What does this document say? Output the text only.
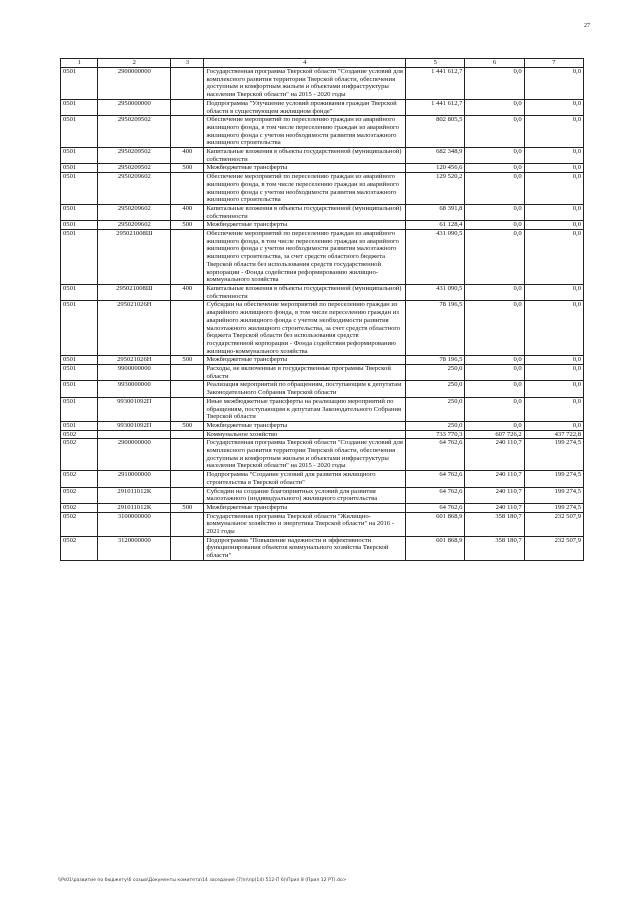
27
1	2	3	4	5	6	7
0501	2900000000		Государственная программа Тверской области "Создание условий для комплексного развития территории Тверской области, обеспечения доступным и комфортным жильем и объектами инфраструктуры населения Тверской области" на 2015 - 2020 годы	1 441 612,7	0,0	0,0
0501	2950000000		Подпрограмма "Улучшение условий проживания граждан Тверской области в существующем жилищном фонде"	1 441 612,7	0,0	0,0
0501	2950209502		Обеспечение мероприятий по переселению граждан из аварийного жилищного фонда, в том числе переселению граждан из аварийного жилищного фонда с учетом необходимости развития малоэтажного жилищного строительства	802 805,5	0,0	0,0
0501	2950209502	400	Капитальные вложения в объекты государственной (муниципальной) собственности	682 348,9	0,0	0,0
0501	2950209502	500	Межбюджетные трансферты	120 456,6	0,0	0,0
0501	2950209602		Обеспечение мероприятий по переселению граждан из аварийного жилищного фонда, в том числе переселению граждан из аварийного жилищного фонда с учетом необходимости развития малоэтажного жилищного строительства	129 520,2	0,0	0,0
0501	2950209602	400	Капитальные вложения в объекты государственной (муниципальной) собственности	68 391,8	0,0	0,0
0501	2950209602	500	Межбюджетные трансферты	61 128,4	0,0	0,0
0501	295021008Ш		Обеспечение мероприятий по переселению граждан из аварийного жилищного фонда, в том числе переселению граждан из аварийного жилищного фонда с учетом необходимости развития малоэтажного жилищного строительства, за счет средств областного бюджета Тверской области без использования средств государственной корпорации - Фонда содействия реформированию жилищно-коммунального хозяйства	431 090,5	0,0	0,0
0501	295021008Ш	400	Капитальные вложения в объекты государственной (муниципальной) собственности	431 090,5	0,0	0,0
0501	295021026Н		Субсидии на обеспечение мероприятий по переселению граждан из аварийного жилищного фонда, в том числе переселению граждан из аварийного жилищного фонда с учетом необходимости развития малоэтажного жилищного строительства, за счет средств областного бюджета Тверской области без использования средств государственной корпорации - Фонда содействия реформированию жилищно-коммунального хозяйства	78 196,5	0,0	0,0
0501	295021026Н	500	Межбюджетные трансферты	78 196,5	0,0	0,0
0501	9900000000		Расходы, не включенные в государственные программы Тверской области	250,0	0,0	0,0
0501	9930000000		Реализация мероприятий по обращениям, поступающим к депутатам Законодательного Собрания Тверской области	250,0	0,0	0,0
0501	993001092П		Иные межбюджетные трансферты на реализацию мероприятий по обращениям, поступающим к депутатам Законодательного Собрания Тверской области	250,0	0,0	0,0
0501	993001092П	500	Межбюджетные трансферты	250,0	0,0	0,0
0502			Коммунальное хозяйство	733 770,3	607 726,2	437 722,8
0502	2900000000		Государственная программа Тверской области "Создание условий для комплексного развития территории Тверской области, обеспечения доступным и комфортным жильем и объектами инфраструктуры населения Тверской области" на 2015 - 2020 годы	64 762,6	240 110,7	199 274,5
0502	2910000000		Подпрограмма "Создание условий для развития жилищного строительства в Тверской области"	64 762,6	240 110,7	199 274,5
0502	291011012К		Субсидии на создание благоприятных условий для развития малоэтажного (индивидуального) жилищного строительства	64 762,6	240 110,7	199 274,5
0502	291011012К	500	Межбюджетные трансферты	64 762,6	240 110,7	199 274,5
0502	3100000000		Государственная программа Тверской области "Жилищно-коммунальное хозяйство и энергетика Тверской области" на 2016 - 2021 годы	601 868,9	358 180,7	232 507,9
0502	3120000000		Подпрограмма "Повышение надежности и эффективности функционирования объектов коммунального хозяйства Тверской области"	601 868,9	358 180,7	232 507,9
\\Ps01\развитие по бюджету\6 созыв\Документы комитета\14 заседание (7)\n\пр(14) 512-П 6)\Прил 8 (Прил 12 РТ).do>
